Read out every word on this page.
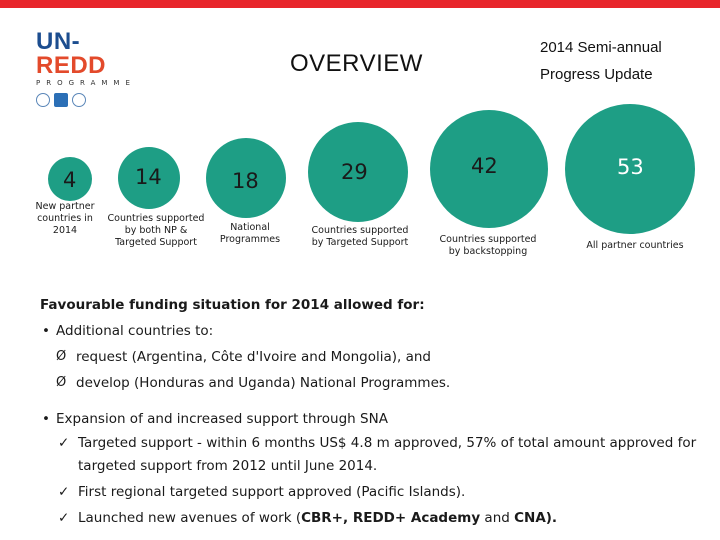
UN-REDD
PROGRAMME
OVERVIEW
2014 Semi-annual
Progress Update
4
New partner countries in 2014
14
Countries supported by both NP & Targeted Support
18
National Programmes
29
Countries supported by Targeted Support
42
Countries supported by backstopping
53
All partner countries
Favourable funding situation for 2014 allowed for:
• Additional countries to:
Ø request (Argentina, Côte d'Ivoire and Mongolia), and
Ø develop (Honduras and Uganda) National Programmes.
• Expansion of and increased support through SNA
✓ Targeted support - within 6 months US$ 4.8 m approved, 57% of total amount approved for targeted support from 2012 until June 2014.
✓ First regional targeted support approved (Pacific Islands).
✓ Launched new avenues of work (CBR+, REDD+ Academy and CNA).
